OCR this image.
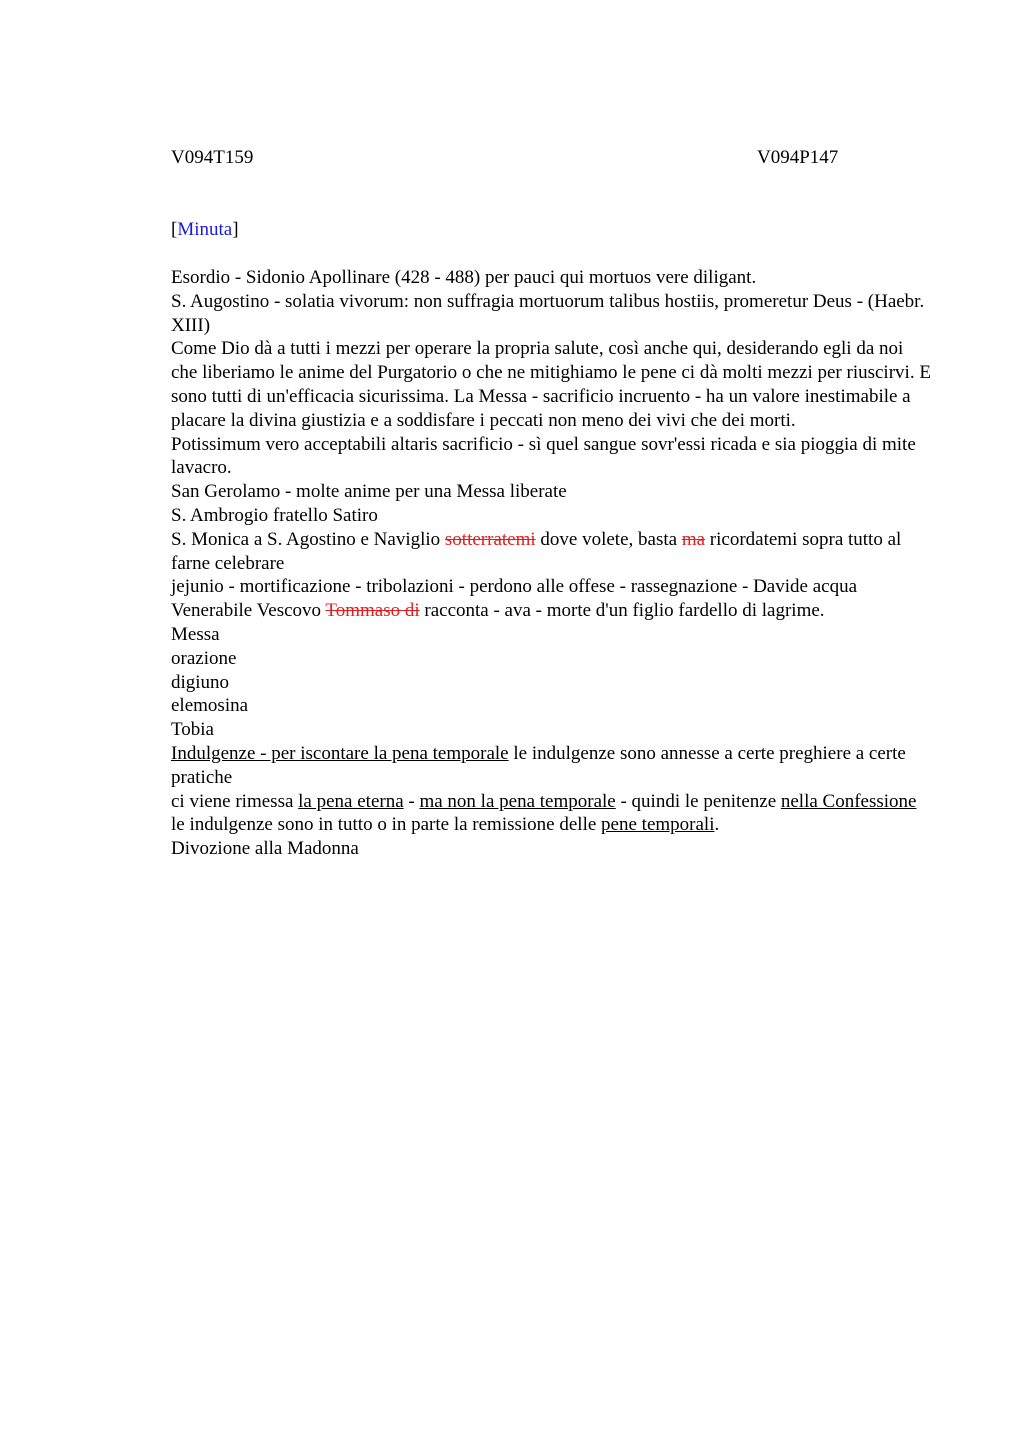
V094T159	V094P147
[Minuta]
Esordio - Sidonio Apollinare (428 - 488) per pauci qui mortuos vere diligant.
S. Augostino - solatia vivorum: non suffragia mortuorum talibus hostiis, promeretur Deus - (Haebr. XIII)
Come Dio dà a tutti i mezzi per operare la propria salute, così anche qui, desiderando egli da noi che liberiamo le anime del Purgatorio o che ne mitighiamo le pene ci dà molti mezzi per riuscirvi. E sono tutti di un'efficacia sicurissima. La Messa - sacrificio incruento - ha un valore inestimabile a placare la divina giustizia e a soddisfare i peccati non meno dei vivi che dei morti.
Potissimum vero acceptabili altaris sacrificio - sì quel sangue sovr'essi ricada e sia pioggia di mite lavacro.
San Gerolamo - molte anime per una Messa liberate
S. Ambrogio fratello Satiro
S. Monica a S. Agostino e Naviglio sotterratemi dove volete, basta ma ricordatemi sopra tutto al farne celebrare
jejunio - mortificazione - tribolazioni - perdono alle offese - rassegnazione - Davide acqua
Venerabile Vescovo Tommaso di racconta - ava - morte d'un figlio fardello di lagrime.
Messa
orazione
digiuno
elemosina
Tobia
Indulgenze - per iscontare la pena temporale le indulgenze sono annesse a certe preghiere a certe pratiche
ci viene rimessa la pena eterna - ma non la pena temporale - quindi le penitenze nella Confessione le indulgenze sono in tutto o in parte la remissione delle pene temporali.
Divozione alla Madonna
